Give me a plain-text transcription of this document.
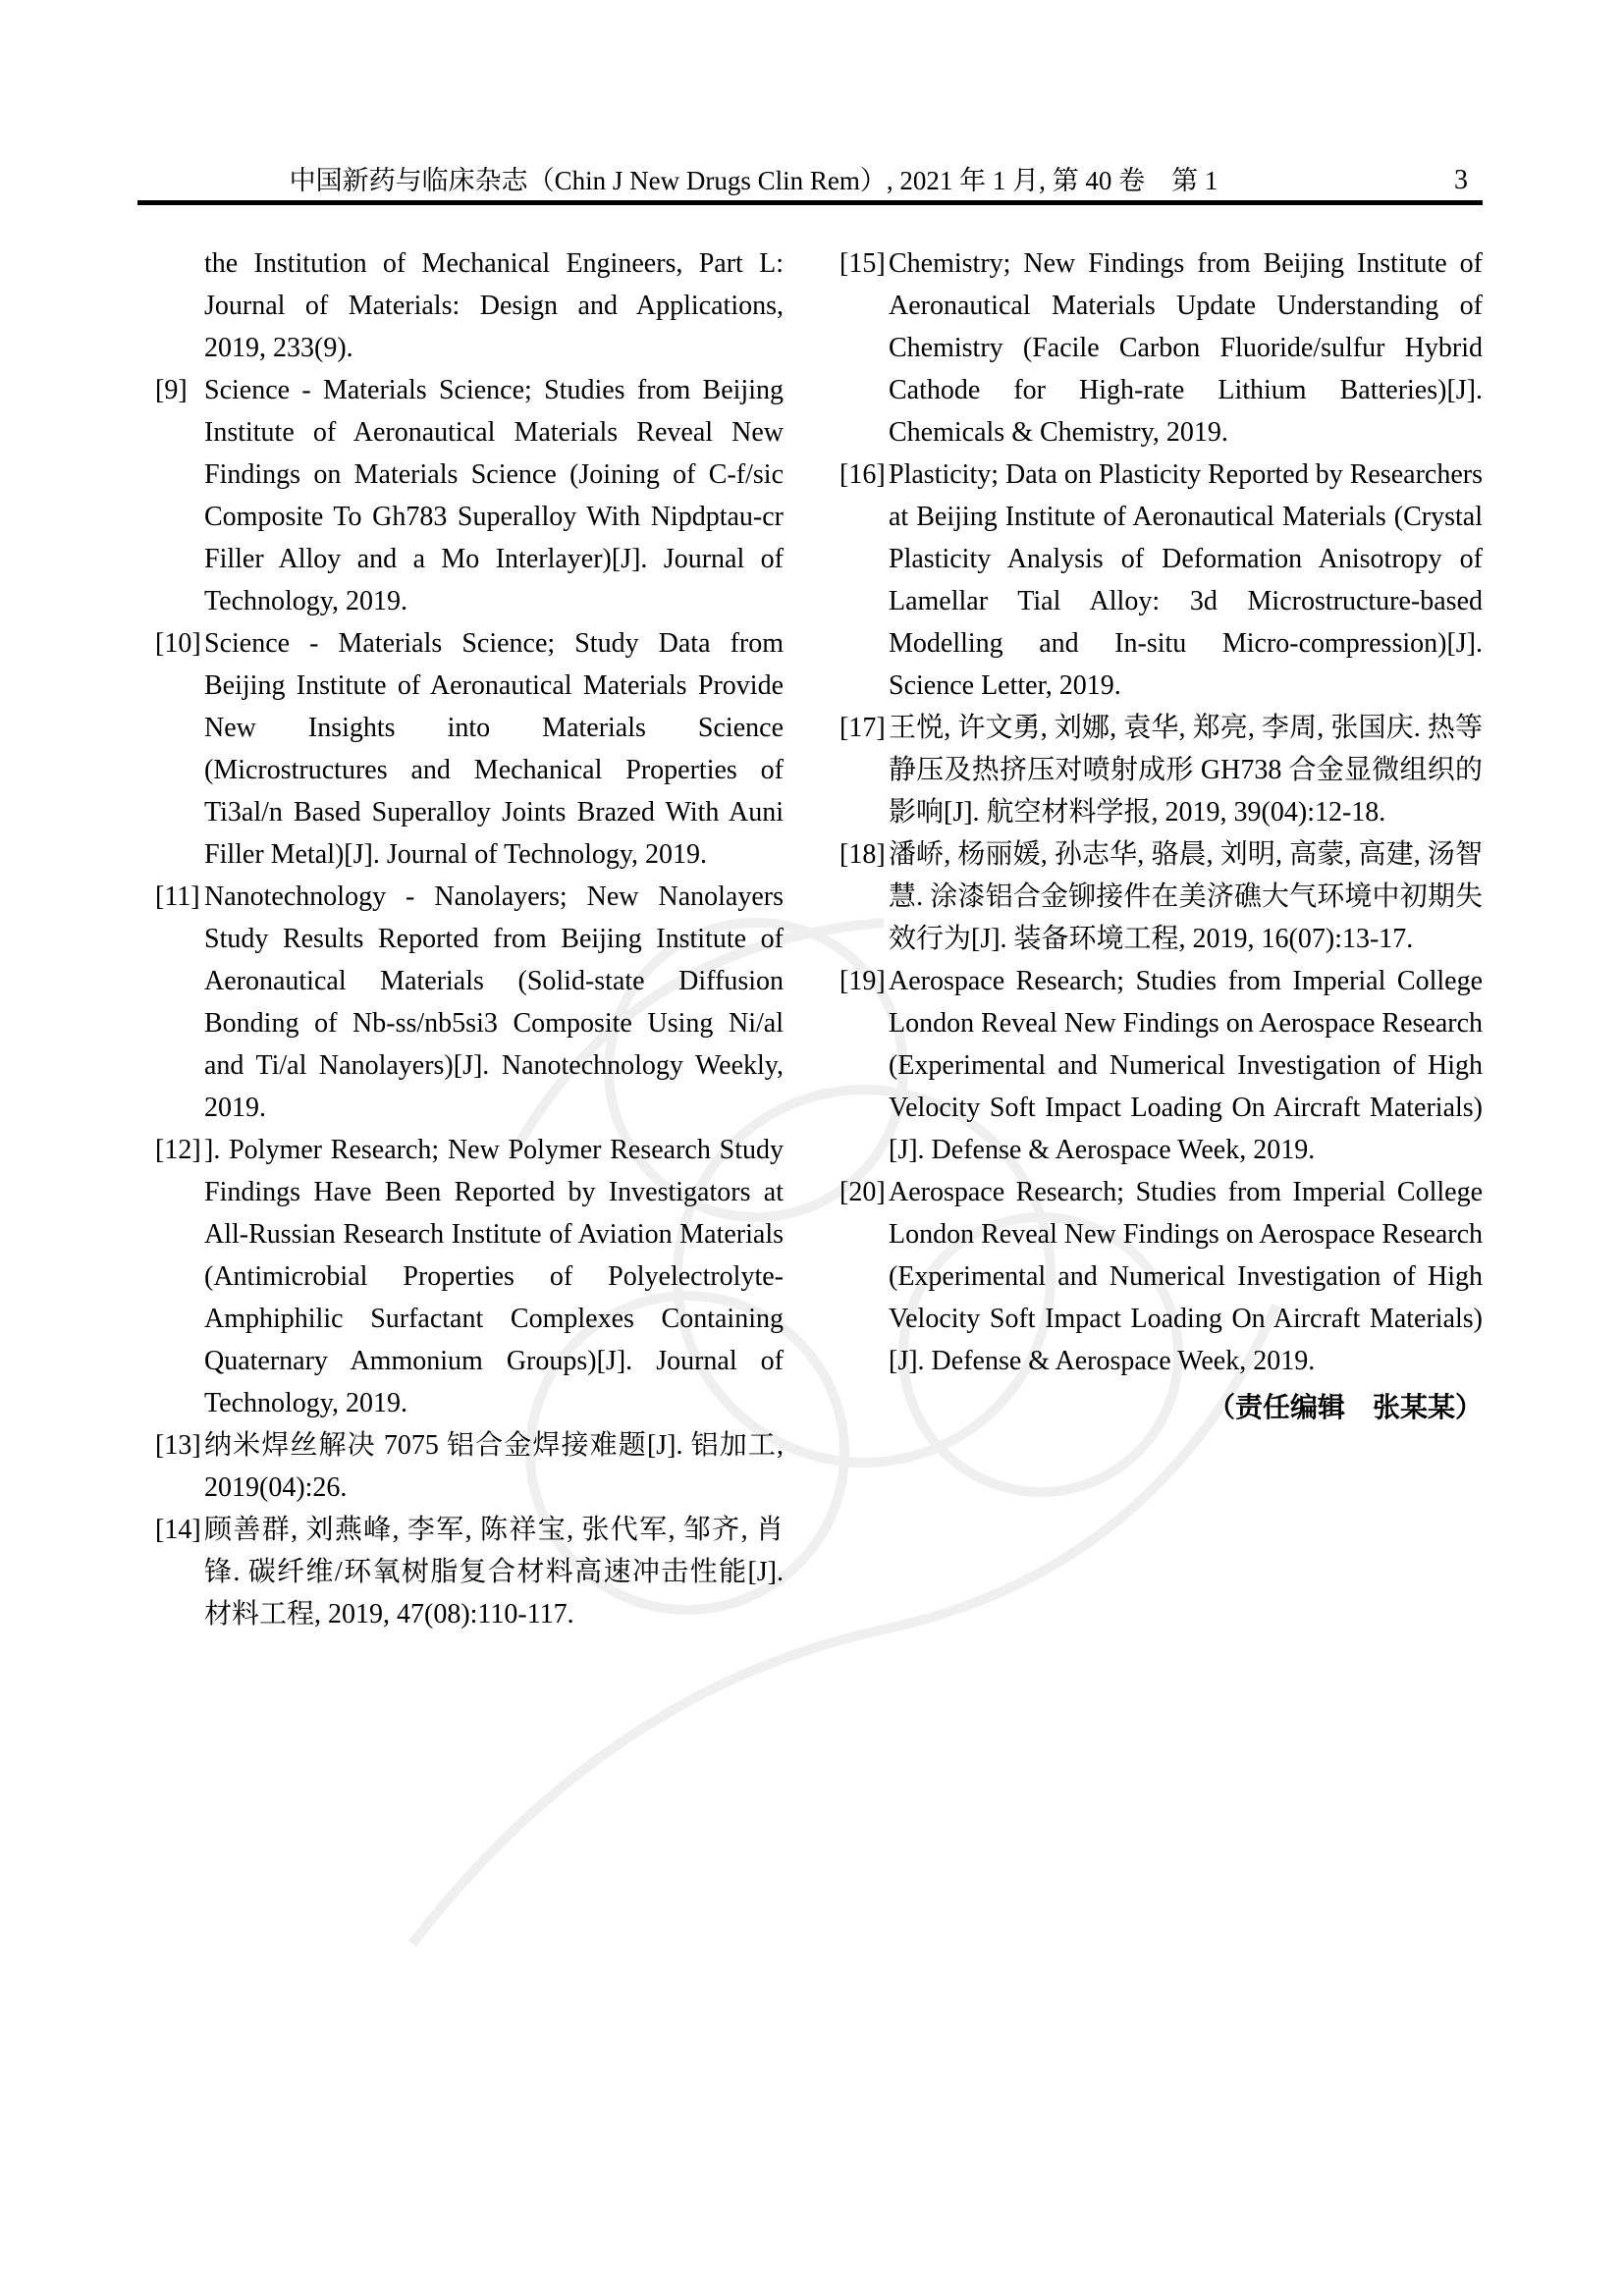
中国新药与临床杂志（Chin J New Drugs Clin Rem）, 2021 年 1 月, 第 40 卷　第 1	3
the Institution of Mechanical Engineers, Part L: Journal of Materials: Design and Applications, 2019, 233(9).
[9] Science - Materials Science; Studies from Beijing Institute of Aeronautical Materials Reveal New Findings on Materials Science (Joining of C-f/sic Composite To Gh783 Superalloy With Nipdptau-cr Filler Alloy and a Mo Interlayer)[J]. Journal of Technology, 2019.
[10] Science - Materials Science; Study Data from Beijing Institute of Aeronautical Materials Provide New Insights into Materials Science (Microstructures and Mechanical Properties of Ti3al/n Based Superalloy Joints Brazed With Auni Filler Metal)[J]. Journal of Technology, 2019.
[11] Nanotechnology - Nanolayers; New Nanolayers Study Results Reported from Beijing Institute of Aeronautical Materials (Solid-state Diffusion Bonding of Nb-ss/nb5si3 Composite Using Ni/al and Ti/al Nanolayers)[J]. Nanotechnology Weekly, 2019.
[12] ]. Polymer Research; New Polymer Research Study Findings Have Been Reported by Investigators at All-Russian Research Institute of Aviation Materials (Antimicrobial Properties of Polyelectrolyte-Amphiphilic Surfactant Complexes Containing Quaternary Ammonium Groups)[J]. Journal of Technology, 2019.
[13] 纳米焊丝解决 7075 铝合金焊接难题[J]. 铝加工, 2019(04):26.
[14] 顾善群, 刘燕峰, 李军, 陈祥宝, 张代军, 邹齐, 肖锋. 碳纤维/环氧树脂复合材料高速冲击性能[J]. 材料工程, 2019, 47(08):110-117.
[15] Chemistry; New Findings from Beijing Institute of Aeronautical Materials Update Understanding of Chemistry (Facile Carbon Fluoride/sulfur Hybrid Cathode for High-rate Lithium Batteries)[J]. Chemicals & Chemistry, 2019.
[16] Plasticity; Data on Plasticity Reported by Researchers at Beijing Institute of Aeronautical Materials (Crystal Plasticity Analysis of Deformation Anisotropy of Lamellar Tial Alloy: 3d Microstructure-based Modelling and In-situ Micro-compression)[J]. Science Letter, 2019.
[17] 王悦, 许文勇, 刘娜, 袁华, 郑亮, 李周, 张国庆. 热等静压及热挤压对喷射成形 GH738 合金显微组织的影响[J]. 航空材料学报, 2019, 39(04):12-18.
[18] 潘峤, 杨丽媛, 孙志华, 骆晨, 刘明, 高蒙, 高建, 汤智慧. 涂漆铝合金铆接件在美济礁大气环境中初期失效行为[J]. 装备环境工程, 2019, 16(07):13-17.
[19] Aerospace Research; Studies from Imperial College London Reveal New Findings on Aerospace Research (Experimental and Numerical Investigation of High Velocity Soft Impact Loading On Aircraft Materials)[J]. Defense & Aerospace Week, 2019.
[20] Aerospace Research; Studies from Imperial College London Reveal New Findings on Aerospace Research (Experimental and Numerical Investigation of High Velocity Soft Impact Loading On Aircraft Materials)[J]. Defense & Aerospace Week, 2019.
（责任编辑　张某某）
